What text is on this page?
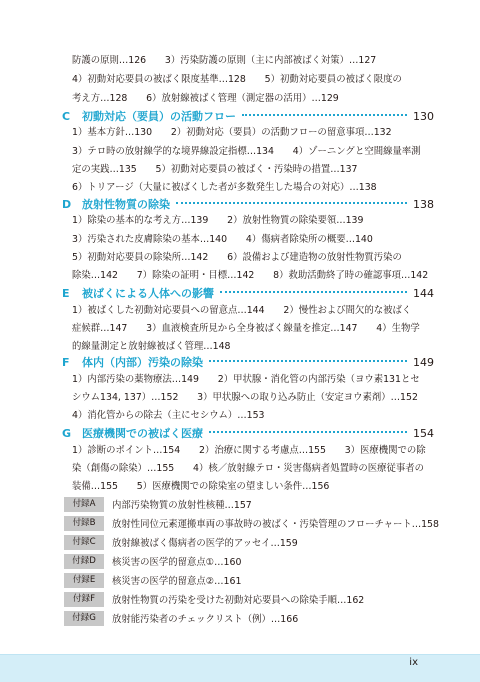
防護の原則…126　　3）汚染防護の原則（主に内部被ばく対策）…127
4）初動対応要員の被ばく限度基準…128　　5）初動対応要員の被ばく限度の
考え方…128　　6）放射線被ばく管理（測定器の活用）…129
C	初動対応（要員）の活動フロー	130
1）基本方針…130　　2）初動対応（要員）の活動フローの留意事項…132
3）テロ時の放射線学的な境界線設定指標…134　　4）ゾーニングと空間線量率測
定の実践…135　　5）初動対応要員の被ばく・汚染時の措置…137
6）トリアージ（大量に被ばくした者が多数発生した場合の対応）…138
D 放射性物質の除染	138
1）除染の基本的な考え方…139　　2）放射性物質の除染要領…139
3）汚染された皮膚除染の基本…140　　4）傷病者除染所の概要…140
5）初動対応要員の除染所…142　　6）設備および建造物の放射性物質汚染の
除染…142　　7）除染の証明・目標…142　　8）救助活動終了時の確認事項…142
E	被ばくによる人体への影響	144
1）被ばくした初動対応要員への留意点…144　　2）慢性および間欠的な被ばく
症候群…147　　3）血液検査所見から全身被ばく線量を推定…147　　4）生物学
的線量測定と放射線被ばく管理…148
F	体内（内部）汚染の除染	149
1）内部汚染の薬物療法…149　　2）甲状腺・消化管の内部汚染（ヨウ素131とセ
シウム134, 137）…152　　3）甲状腺への取り込み防止（安定ヨウ素剤）…152
4）消化管からの除去（主にセシウム）…153
G 医療機関での被ばく医療	154
1）診断のポイント…154　　2）治療に関する考慮点…155　　3）医療機関での除
染（創傷の除染）…155　　4）核／放射線テロ・災害傷病者処置時の医療従事者の
装備…155　　5）医療機関での除染室の望ましい条件…156
付録A	内部汚染物質の放射性核種…157
付録B	放射性同位元素運搬車両の事故時の被ばく・汚染管理のフローチャート…158
付録C	放射線被ばく傷病者の医学的アッセイ…159
付録D	核災害の医学的留意点①…160
付録E	核災害の医学的留意点②…161
付録F	放射性物質の汚染を受けた初動対応要員への除染手順…162
付録G	放射能汚染者のチェックリスト（例）…166
ix
